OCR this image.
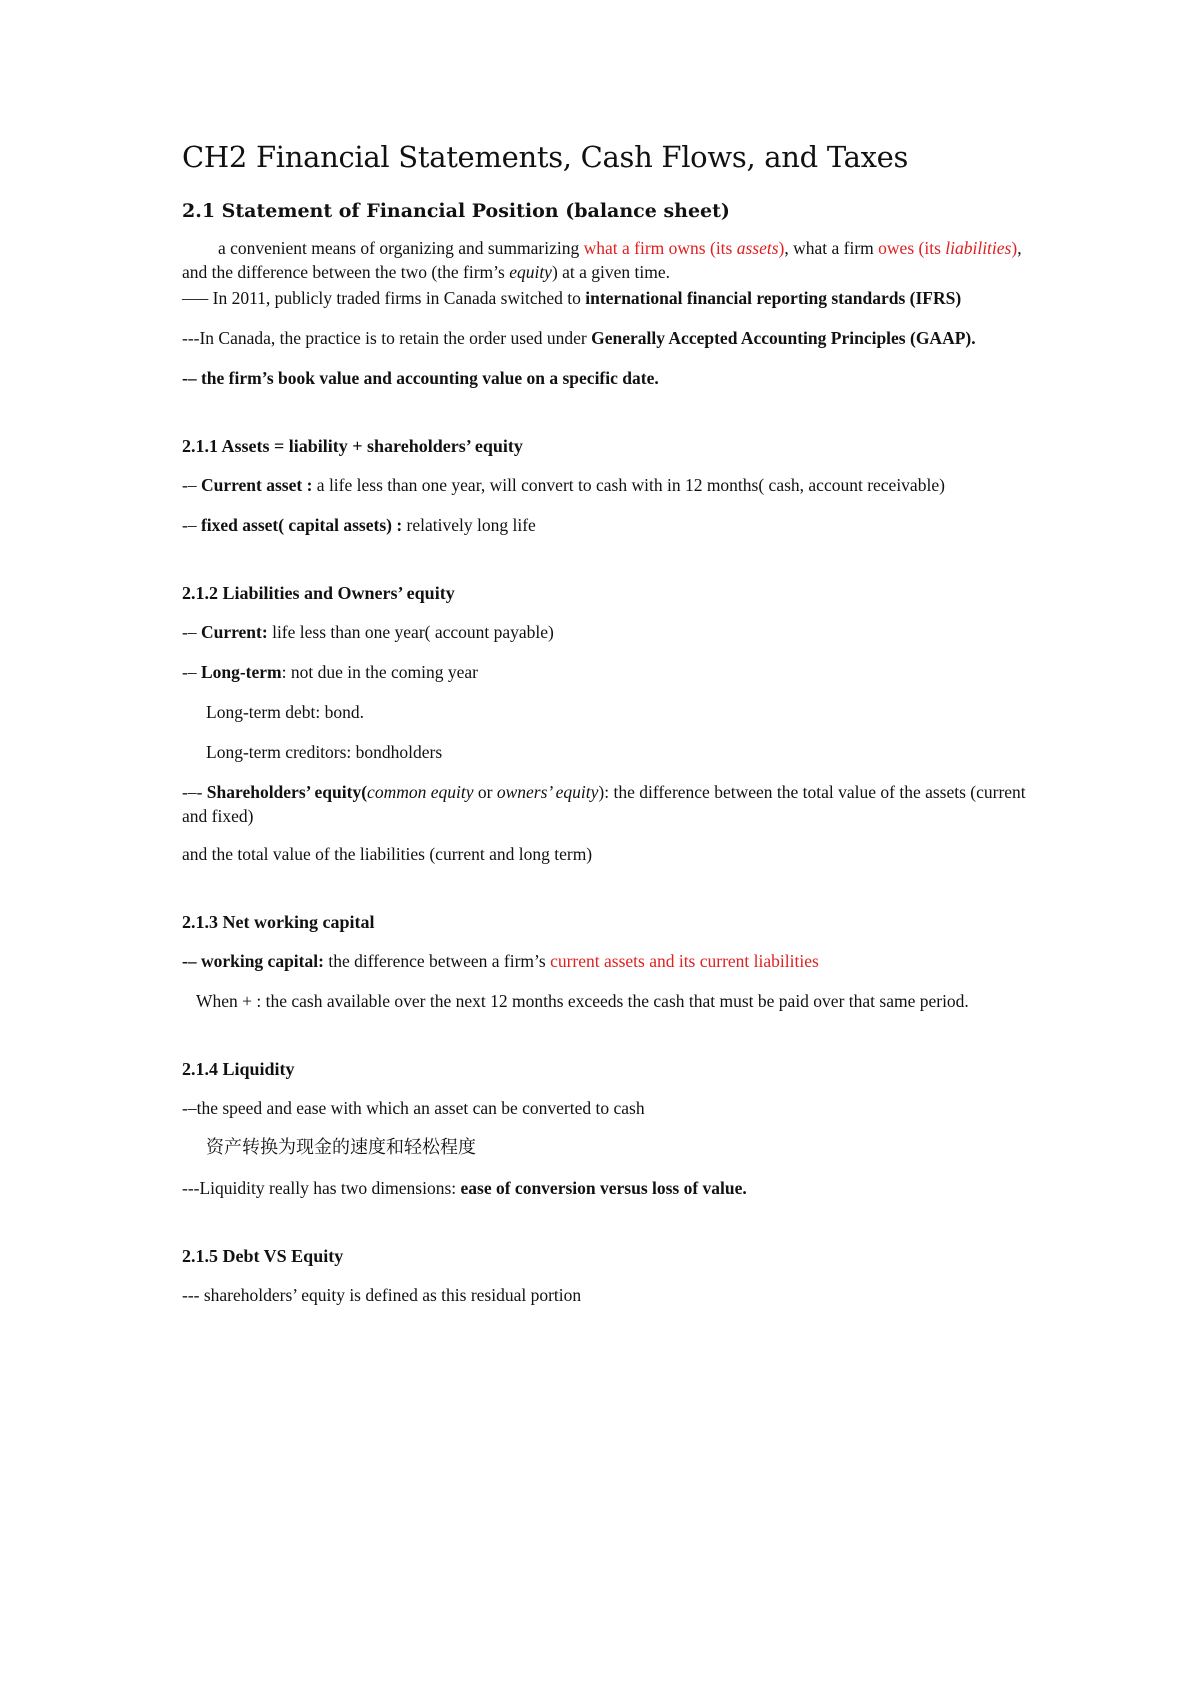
CH2 Financial Statements, Cash Flows, and Taxes
2.1 Statement of Financial Position (balance sheet)

a convenient means of organizing and summarizing what a firm owns (its assets), what a firm owes (its liabilities), and the difference between the two (the firm’s equity) at a given time.

—– In 2011, publicly traded firms in Canada switched to international financial reporting standards (IFRS)

---In Canada, the practice is to retain the order used under Generally Accepted Accounting Principles (GAAP).

-– the firm’s book value and accounting value on a specific date.

2.1.1 Assets = liability + shareholders’ equity

-– Current asset : a life less than one year, will convert to cash with in 12 months( cash, account receivable)

-– fixed asset( capital assets) : relatively long life

2.1.2 Liabilities and Owners’ equity

-– Current: life less than one year( account payable)

-– Long-term: not due in the coming year

Long-term debt: bond.

Long-term creditors: bondholders

-–- Shareholders’ equity(common equity or owners’ equity): the difference between the total value of the assets (current and fixed)

and the total value of the liabilities (current and long term)

2.1.3 Net working capital

-– working capital: the difference between a firm’s current assets and its current liabilities

When + : the cash available over the next 12 months exceeds the cash that must be paid over that same period.

2.1.4 Liquidity

-–the speed and ease with which an asset can be converted to cash

资产转换为现金的速度和轻松程度

---Liquidity really has two dimensions: ease of conversion versus loss of value.

2.1.5 Debt VS Equity

--- shareholders’ equity is defined as this residual portion
